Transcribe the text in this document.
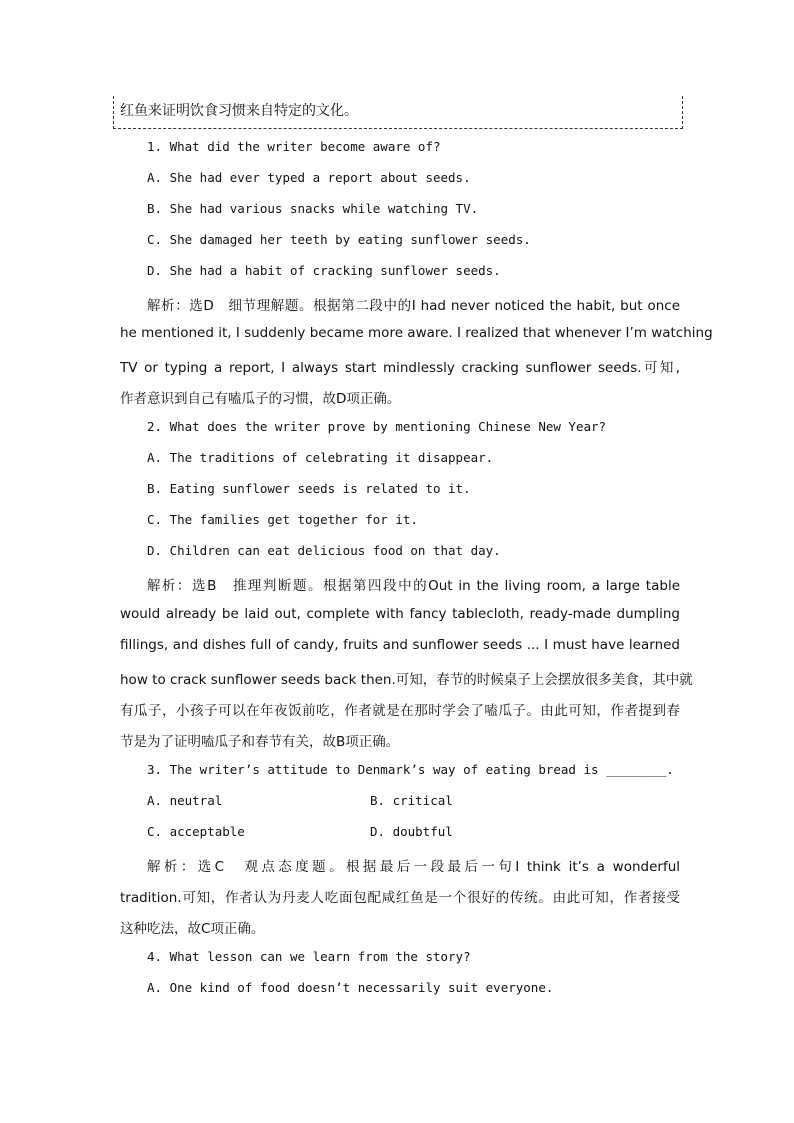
红鱼来证明饮食习惯来自特定的文化。
1. What did the writer become aware of?
A. She had ever typed a report about seeds.
B. She had various snacks while watching TV.
C. She damaged her teeth by eating sunflower seeds.
D. She had a habit of cracking sunflower seeds.
解析：选D　细节理解题。根据第二段中的I had never noticed the habit, but once
he mentioned it, I suddenly became more aware. I realized that whenever I’m watching
TV or typing a report, I always start mindlessly cracking sunflower seeds.可知,
作者意识到自己有嗑瓜子的习惯，故D项正确。
2. What does the writer prove by mentioning Chinese New Year?
A. The traditions of celebrating it disappear.
B. Eating sunflower seeds is related to it.
C. The families get together for it.
D. Children can eat delicious food on that day.
解析：选B　推理判断题。根据第四段中的Out in the living room, a large table
would already be laid out, complete with fancy tablecloth, ready-made dumpling
fillings, and dishes full of candy, fruits and sunflower seeds ... I must have learned
how to crack sunflower seeds back then.可知，春节的时候桌子上会摆放很多美食，其中就
有瓜子，小孩子可以在年夜饭前吃，作者就是在那时学会了嗑瓜子。由此可知，作者提到春
节是为了证明嗑瓜子和春节有关，故B项正确。
3. The writer’s attitude to Denmark’s way of eating bread is ________.
A. neutral	B. critical
C. acceptable	D. doubtful
解析：选C　观点态度题。根据最后一段最后一句I think it’s a wonderful
tradition.可知，作者认为丹麦人吃面包配咸红鱼是一个很好的传统。由此可知，作者接受
这种吃法，故C项正确。
4. What lesson can we learn from the story?
A. One kind of food doesn’t necessarily suit everyone.
